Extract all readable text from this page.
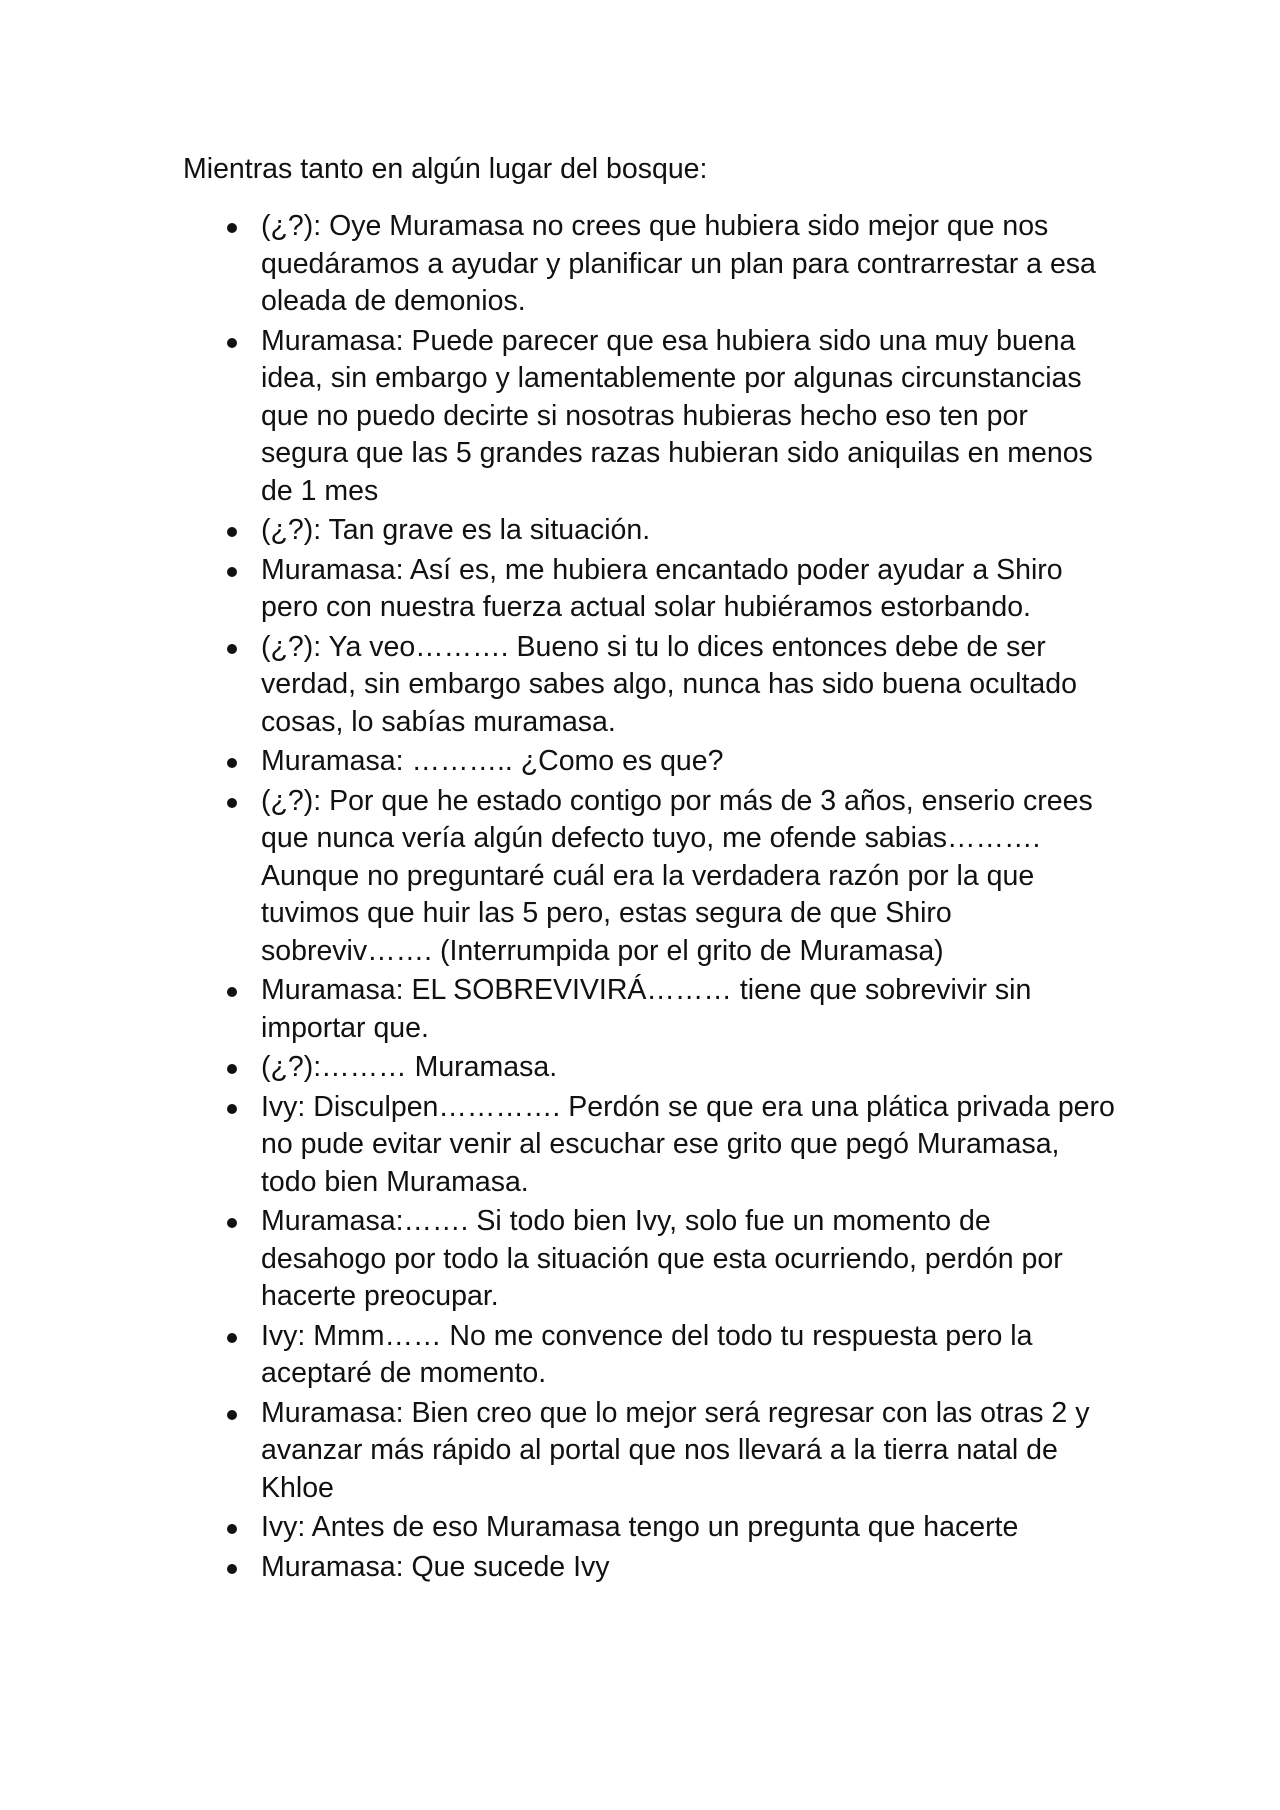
Mientras tanto en algún lugar del bosque:

(¿?): Oye Muramasa no crees que hubiera sido mejor que nos quedáramos a ayudar y planificar un plan para contrarrestar a esa oleada de demonios.
Muramasa: Puede parecer que esa hubiera sido una muy buena idea, sin embargo y lamentablemente por algunas circunstancias que no puedo decirte si nosotras hubieras hecho eso ten por segura que las 5 grandes razas hubieran sido aniquilas en menos de 1 mes
(¿?): Tan grave es la situación.
Muramasa: Así es, me hubiera encantado poder ayudar a Shiro pero con nuestra fuerza actual solar hubiéramos estorbando.
(¿?): Ya veo………. Bueno si tu lo dices entonces debe de ser verdad, sin embargo sabes algo, nunca has sido buena ocultado cosas, lo sabías muramasa.
Muramasa: ……….. ¿Como es que?
(¿?): Por que he estado contigo por más de 3 años, enserio crees que nunca vería algún defecto tuyo, me ofende sabias………. Aunque no preguntaré cuál era la verdadera razón por la que tuvimos que huir las 5 pero, estas segura de que Shiro sobreviv……. (Interrumpida por el grito de Muramasa)
Muramasa: EL SOBREVIVIRÁ……… tiene que sobrevivir sin importar que.
(¿?):……… Muramasa.
Ivy: Disculpen…………. Perdón se que era una plática privada pero no pude evitar venir al escuchar ese grito que pegó Muramasa, todo bien Muramasa.
Muramasa:……. Si todo bien Ivy, solo fue un momento de desahogo por todo la situación que esta ocurriendo, perdón por hacerte preocupar.
Ivy: Mmm…… No me convence del todo tu respuesta pero la aceptaré de momento.
Muramasa: Bien creo que lo mejor será regresar con las otras 2 y avanzar más rápido al portal que nos llevará a la tierra natal de Khloe
Ivy: Antes de eso Muramasa tengo un pregunta que hacerte
Muramasa: Que sucede Ivy
